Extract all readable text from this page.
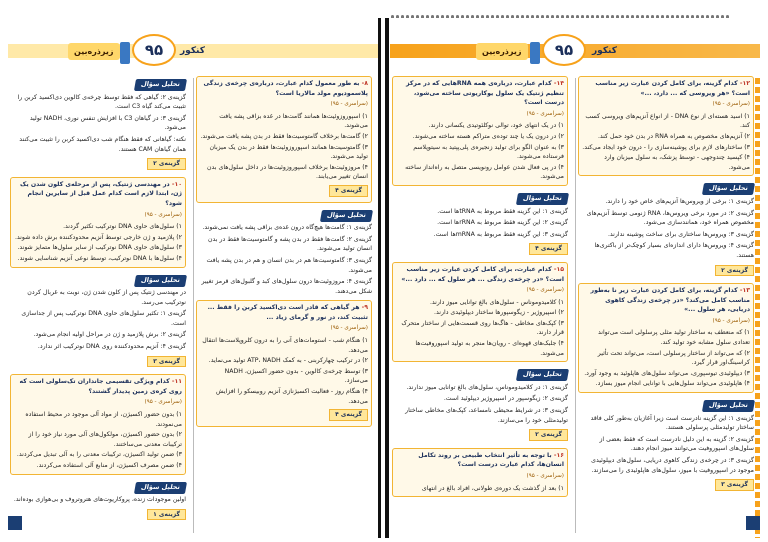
کنکور
۹۵
زیرذره‌بین
۸- به طور معمول کدام عبارت، درباره‌ی چرخه‌ی زندگی پلاسمودیوم مولد مالاریا است؟
(سراسری - ۹۵)
۱) اسپوروزوئیت‌ها همانند گامت‌ها در غده بزاقی پشه یافت می‌شوند.
۲) گامت‌ها برخلاف گامتوسیت‌ها فقط در بدن پشه یافت می‌شوند.
۳) گامتوسیت‌ها همانند اسپوروزوئیت‌ها فقط در بدن یک میزبان تولید می‌شوند.
۴) مروزوئیت‌ها برخلاف اسپوروزوئیت‌ها در داخل سلول‌های بدن انسان تغییر می‌یابند.
گزینه‌ی ۴
تحلیل سؤال
گزینه‌ی ۱: گامت‌ها هیچ‌گاه درون غده‌ی بزاقی پشه یافت نمی‌شوند.
گزینه‌ی ۲: گامت‌ها فقط در بدن پشه و گامتوسیت‌ها فقط در بدن انسان تولید می‌شوند.
گزینه‌ی ۳: گامتوسیت‌ها هم در بدن انسان و هم در بدن پشه یافت می‌شوند.
گزینه‌ی ۴: مروزوئیت‌ها درون سلول‌های کبد و گلبول‌های قرمز تغییر شکل می‌دهند.
۹- هر گیاهی که قادر است دی‌اکسید کربن را فقط ... تثبیت کند، در نور و گرمای زیاد ...
(سراسری - ۹۵)
۱) هنگام شب - استومات‌های آنی را به درون کلروپلاست‌ها انتقال می‌دهد.
۲) در ترکیب چهارکربنی - به کمک ATP، NADH تولید می‌نماید.
۳) توسط چرخه‌ی کالوین - بدون حضور اکسیژن، NADH می‌سازد.
۴) هنگام روز - فعالیت اکسیژنازی آنزیم روبیسکو را افزایش می‌دهد.
گزینه‌ی ۴
تحلیل سؤال
گزینه‌ی ۲: گیاهی که فقط توسط چرخه‌ی کالوین دی‌اکسید کربن را تثبیت می‌کند گیاه C3 است.
گزینه‌ی ۳: در گیاهان C3 با افزایش تنفس نوری، NADH تولید می‌شود.
نکته: گیاهانی که فقط هنگام شب دی‌اکسید کربن را تثبیت می‌کنند همان گیاهان CAM هستند.
گزینه‌ی ۲
۱۰- در مهندسی ژنتیک، پس از مرحله‌ی کلون شدن یک ژن، ابتدا لازم است کدام عمل قبل از سایرین انجام شود؟
(سراسری - ۹۵)
۱) سلول‌های حاوی DNA نوترکیب تکثیر گردند.
۲) پلازمید و ژن خارجی توسط آنزیم محدودکننده برش داده شوند.
۳) سلول‌های حاوی DNA نوترکیب از سایر سلول‌ها متمایز شوند.
۴) سلول‌ها با DNA نوترکیب، توسط نوعی آنزیم شناسایی شوند.
تحلیل سؤال
در مهندسی ژنتیک پس از کلون شدن ژن، نوبت به غربال کردن نوترکیب می‌رسد.
گزینه‌ی ۱: تکثیر سلول‌های حاوی DNA نوترکیب پس از جداسازی است.
گزینه‌ی ۲: برش پلازمید و ژن در مراحل اولیه انجام می‌شود.
گزینه‌ی ۴: آنزیم محدودکننده روی DNA نوترکیب اثر ندارد.
گزینه‌ی ۳
۱۱- کدام ویژگی تقسیمی جانداران تک‌سلولی است که روی کره‌ی زمین پدیدار گشتند؟
(سراسری - ۹۵)
۱) بدون حضور اکسیژن، از مواد آلی موجود در محیط استفاده می‌نمودند.
۲) بدون حضور اکسیژن، مولکول‌های آلی مورد نیاز خود را از ترکیبات معدنی می‌ساختند.
۳) ضمن تولید اکسیژن، ترکیبات معدنی را به آلی تبدیل می‌کردند.
۴) ضمن مصرف اکسیژن، از منابع آلی استفاده می‌کردند.
تحلیل سؤال
اولین موجودات زنده، پروکاریوت‌های هتروتروف و بی‌هوازی بوده‌اند.
گزینه‌ی ۱
کنکور
۹۵
زیرذره‌بین
۱۲- کدام گزینه، برای کامل کردن عبارت زیر مناسب است؟ «هر ویروسی که ... دارد، ...»
(سراسری - ۹۵)
۱) اسید هسته‌ای از نوع DNA - از انواع آنزیم‌های ویروسی کسب کند.
۲) آنزیم‌های مخصوص به همراه RNA در بدن خود حمل کند.
۳) ساختارهای لازم برای پوشینه‌سازی را - درون خود ایجاد می‌کند.
۴) کپسید چندوجهی - توسط پزشک، به سلول میزبان وارد می‌شود.
تحلیل سؤال
گزینه‌ی ۱: برخی از ویروس‌ها آنزیم‌های خاص خود را دارند.
گزینه‌ی ۲: در مورد برخی ویروس‌ها، RNA ژنومی توسط آنزیم‌های مخصوص همراه خود، همانندسازی می‌شود.
گزینه‌ی ۳: ویروس‌ها ساختاری برای ساخت پوشینه ندارند.
گزینه‌ی ۴: ویروس‌ها دارای اندازه‌ای بسیار کوچک‌تر از باکتری‌ها هستند.
گزینه‌ی ۲
۱۳- کدام گزینه، برای کامل کردن عبارت زیر نا به‌طور مناسب کامل می‌کند؟ «در چرخه‌ی زندگی کاهوی دریایی، هر سلول ...»
(سراسری - ۹۵)
۱) که منعطف به ساختار تولید مثلی پرسلولی است می‌تواند تعدادی سلول مشابه خود تولید کند.
۲) که می‌تواند از ساختار پرسلولی است، می‌تواند تحت تأثیر کراسینگ‌اور قرار گیرد.
۳) دیپلوئیدی تیوسپوری، می‌تواند سلول‌های هاپلوئید به وجود آورد.
۴) هاپلوئیدی می‌تواند سلول‌هایی با توانایی انجام میوز بسازد.
تحلیل سؤال
گزینه‌ی ۱: این گزینه نادرست است زیرا آغازیان به‌طور کلی فاقد ساختار تولیدمثلی پرسلولی هستند.
گزینه‌ی ۲: گزینه به این دلیل نادرست است که فقط بعضی از سلول‌های اسپوروفیت می‌توانند میوز انجام دهند.
گزینه‌ی ۳: در چرخه‌ی زندگی کاهوی دریایی، سلول‌های دیپلوئیدی موجود در اسپوروفیت با میوز، سلول‌های هاپلوئیدی را می‌سازند.
گزینه‌ی ۳
۱۴- کدام عبارت، درباره‌ی همه RNAهایی که در مرکز تنظیم ژنتیک یک سلول یوکاریوتی ساخته می‌شود، درست است؟
(سراسری - ۹۵)
۱) در یک انتهای خود، توالی نوکلئوتیدی یکسانی دارند.
۲) در درون یک یا چند توده‌ی متراکم هسته ساخته می‌شوند.
۳) به عنوان الگو برای تولید زنجیره‌ی پلی‌پپتید به سیتوپلاسم فرستاده می‌شوند.
۴) در پی فعال شدن عوامل رونویسی متصل به راه‌انداز ساخته می‌شوند.
تحلیل سؤال
گزینه‌ی ۱: این گزینه فقط مربوط به tRNAها است.
گزینه‌ی ۲: این گزینه فقط مربوط به rRNAها است.
گزینه‌ی ۳: این گزینه فقط مربوط به mRNAها است.
گزینه‌ی ۴
۱۵- کدام عبارت، برای کامل کردن عبارت زیر مناسب است؟ «در چرخه‌ی زندگی ... هر سلول که ... دارد ...»
(سراسری - ۹۵)
۱) کلامیدوموناس - سلول‌های بالغ توانایی میوز دارند.
۲) اسپیروژیر - زیگوسپورها ساختار دیپلوئیدی دارند.
۳) کپک‌های مخاطی - هاگ‌ها روی قسمت‌هایی از ساختار متحرک قرار دارند.
۴) جلبک‌های قهوه‌ای - رویان‌ها منجر به تولید اسپوروفیت‌ها می‌شوند.
تحلیل سؤال
گزینه‌ی ۱: در کلامیدوموناس، سلول‌های بالغ توانایی میوز ندارند.
گزینه‌ی ۲: زیگوسپور در اسپیروژیر دیپلوئید است.
گزینه‌ی ۳: در شرایط محیطی نامساعد، کپک‌های مخاطی ساختار تولیدمثلی خود را می‌سازند.
گزینه‌ی ۲
۱۶- با توجه به تأثیر انتخاب طبیعی بر روند تکامل انسان‌ها، کدام عبارت درست است؟
(سراسری - ۹۵)
۱) بعد از گذشت یک دوره‌ی طولانی، افراد بالغ در انتهای
